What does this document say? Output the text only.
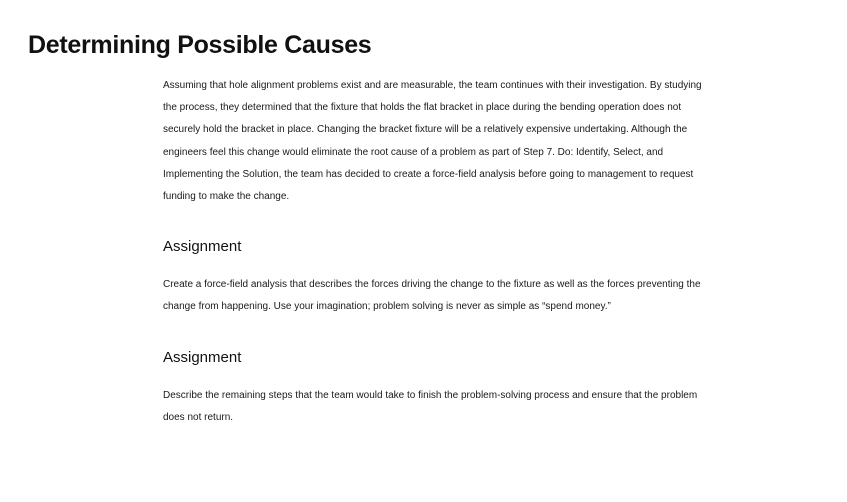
Determining Possible Causes

Assuming that hole alignment problems exist and are measurable, the team continues with their investigation. By studying the process, they determined that the fixture that holds the flat bracket in place during the bending operation does not securely hold the bracket in place. Changing the bracket fixture will be a relatively expensive undertaking. Although the engineers feel this change would eliminate the root cause of a problem as part of Step 7. Do: Identify, Select, and Implementing the Solution, the team has decided to create a force-field analysis before going to management to request funding to make the change.

Assignment

Create a force-field analysis that describes the forces driving the change to the fixture as well as the forces preventing the change from happening. Use your imagination; problem solving is never as simple as “spend money.”

Assignment

Describe the remaining steps that the team would take to finish the problem-solving process and ensure that the problem does not return.
